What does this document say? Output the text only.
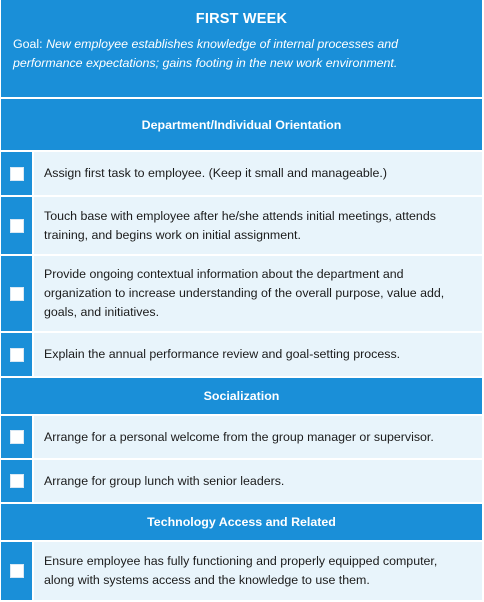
FIRST WEEK
Goal: New employee establishes knowledge of internal processes and performance expectations; gains footing in the new work environment.
Department/Individual Orientation
Assign first task to employee. (Keep it small and manageable.)
Touch base with employee after he/she attends initial meetings, attends training, and begins work on initial assignment.
Provide ongoing contextual information about the department and organization to increase understanding of the overall purpose, value add, goals, and initiatives.
Explain the annual performance review and goal-setting process.
Socialization
Arrange for a personal welcome from the group manager or supervisor.
Arrange for group lunch with senior leaders.
Technology Access and Related
Ensure employee has fully functioning and properly equipped computer, along with systems access and the knowledge to use them.
